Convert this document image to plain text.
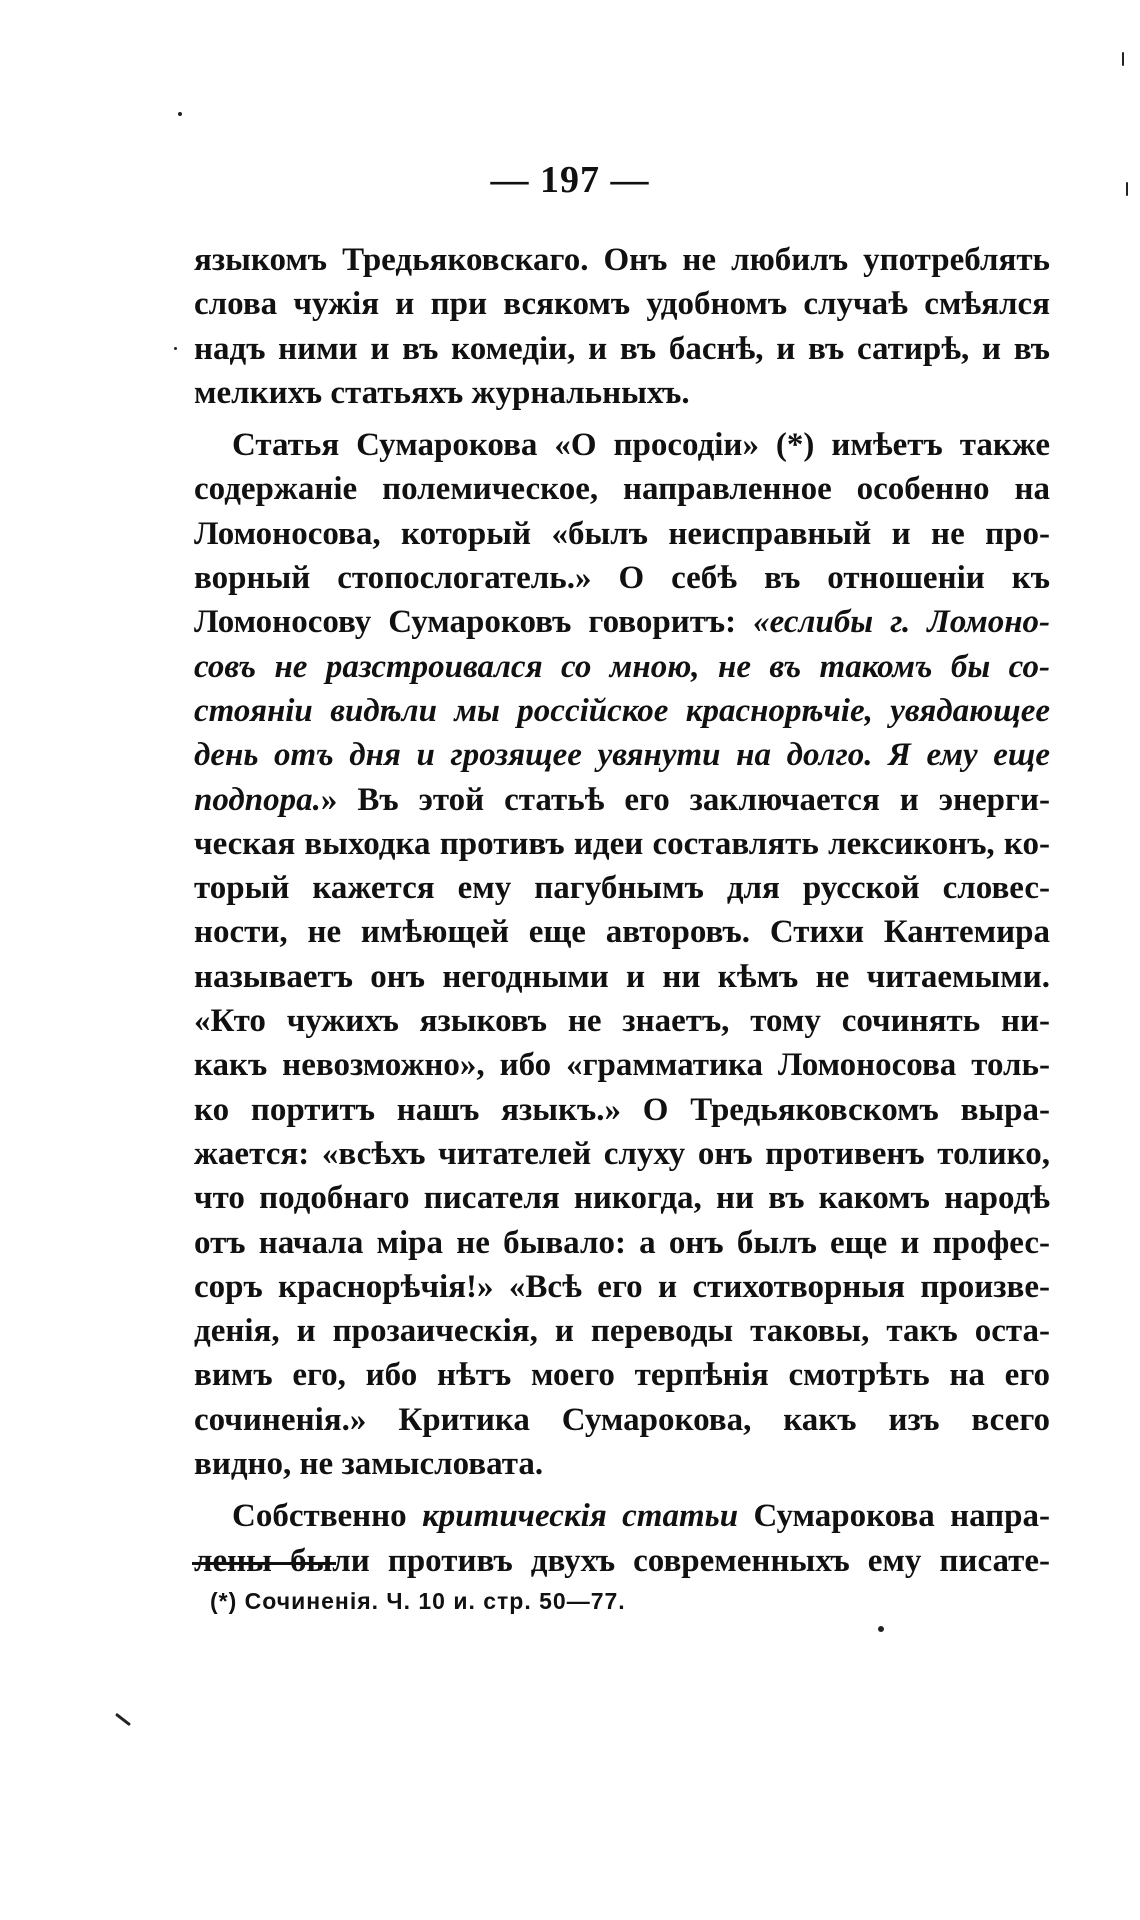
— 197 —
языкомъ Тредьяковскаго. Онъ не любилъ употреблять
слова чужія и при всякомъ удобномъ случаѣ смѣялся
надъ ними и въ комедіи, и въ баснѣ, и въ сатирѣ, и въ
мелкихъ статьяхъ журнальныхъ.
Статья Сумарокова «О просодіи» (*) имѣетъ также
содержаніе полемическое, направленное особенно на
Ломоносова, который «былъ неисправный и не про-
ворный стопослогатель.» О себѣ въ отношеніи къ
Ломоносову Сумароковъ говоритъ: «еслибы г. Ломоно-
совъ не разстроивался со мною, не въ такомъ бы со-
стояніи видѣли мы россійское краснорѣчіе, увядающее
день отъ дня и грозящее увянути на долго. Я ему еще
подпора.» Въ этой статьѣ его заключается и энерги-
ческая выходка противъ идеи составлять лексиконъ, ко-
торый кажется ему пагубнымъ для русской словес-
ности, не имѣющей еще авторовъ. Стихи Кантемира
называетъ онъ негодными и ни кѣмъ не читаемыми.
«Кто чужихъ языковъ не знаетъ, тому сочинять ни-
какъ невозможно», ибо «грамматика Ломоносова толь-
ко портитъ нашъ языкъ.» О Тредьяковскомъ выра-
жается: «всѣхъ читателей слуху онъ противенъ толико,
что подобнаго писателя никогда, ни въ какомъ народѣ
отъ начала міра не бывало: а онъ былъ еще и профес-
соръ краснорѣчія!» «Всѣ его и стихотворныя произве-
денія, и прозаическія, и переводы таковы, такъ оста-
вимъ его, ибо нѣтъ моего терпѣнія смотрѣть на его
сочиненія.» Критика Сумарокова, какъ изъ всего
видно, не замысловата.
Собственно критическія статьи Сумарокова напра-
лены были противъ двухъ современныхъ ему писате-
(*) Сочиненія. Ч. 10 и. стр. 50—77.
